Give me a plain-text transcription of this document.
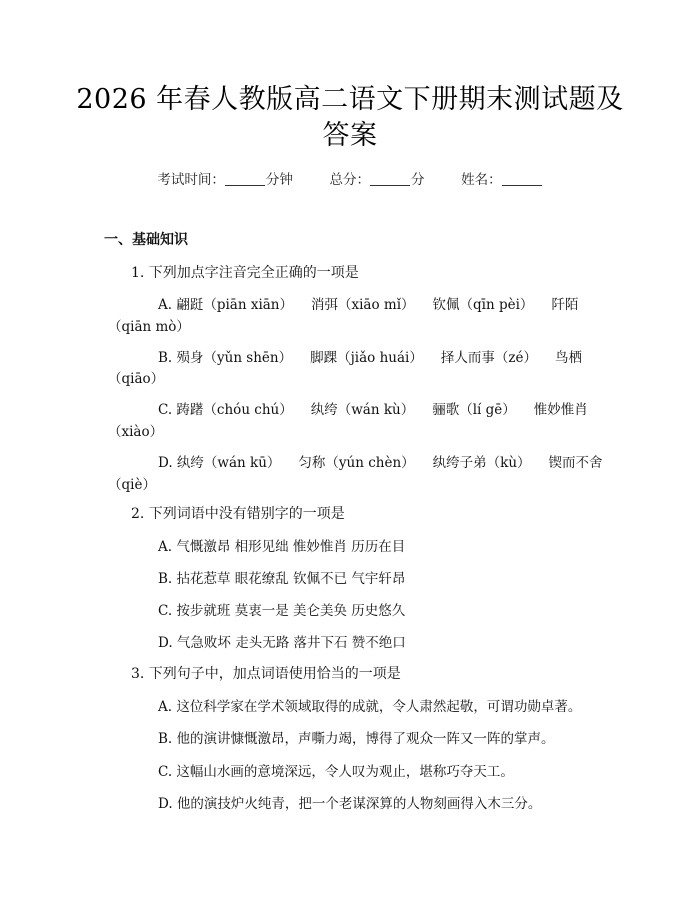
2026 年春人教版高二语文下册期末测试题及
答案
考试时间：	分钟	总分：	分	姓名：
一、基础知识
1. 下列加点字注音完全正确的一项是
A. 翩跹（piān xiān） 消弭（xiāo mǐ） 钦佩（qīn pèi） 阡陌
（qiān mò）
B. 殒身（yǔn shēn） 脚踝（jiǎo huái） 择人而事（zé） 鸟栖
（qiāo）
C. 踌躇（chóu chú） 纨绔（wán kù） 骊歌（lí gē） 惟妙惟肖
（xiào）
D. 纨绔（wán kū） 匀称（yún chèn） 纨绔子弟（kù） 锲而不舍
（qiè）
2. 下列词语中没有错别字的一项是
A. 气慨激昂 相形见绌 惟妙惟肖 历历在目
B. 拈花惹草 眼花缭乱 钦佩不已 气宇轩昂
C. 按步就班 莫衷一是 美仑美奂 历史悠久
D. 气急败坏 走头无路 落井下石 赞不绝口
3. 下列句子中，加点词语使用恰当的一项是
A. 这位科学家在学术领域取得的成就，令人肃然起敬，可谓功勋卓著。
B. 他的演讲慷慨激昂，声嘶力竭，博得了观众一阵又一阵的掌声。
C. 这幅山水画的意境深远，令人叹为观止，堪称巧夺天工。
D. 他的演技炉火纯青，把一个老谋深算的人物刻画得入木三分。
